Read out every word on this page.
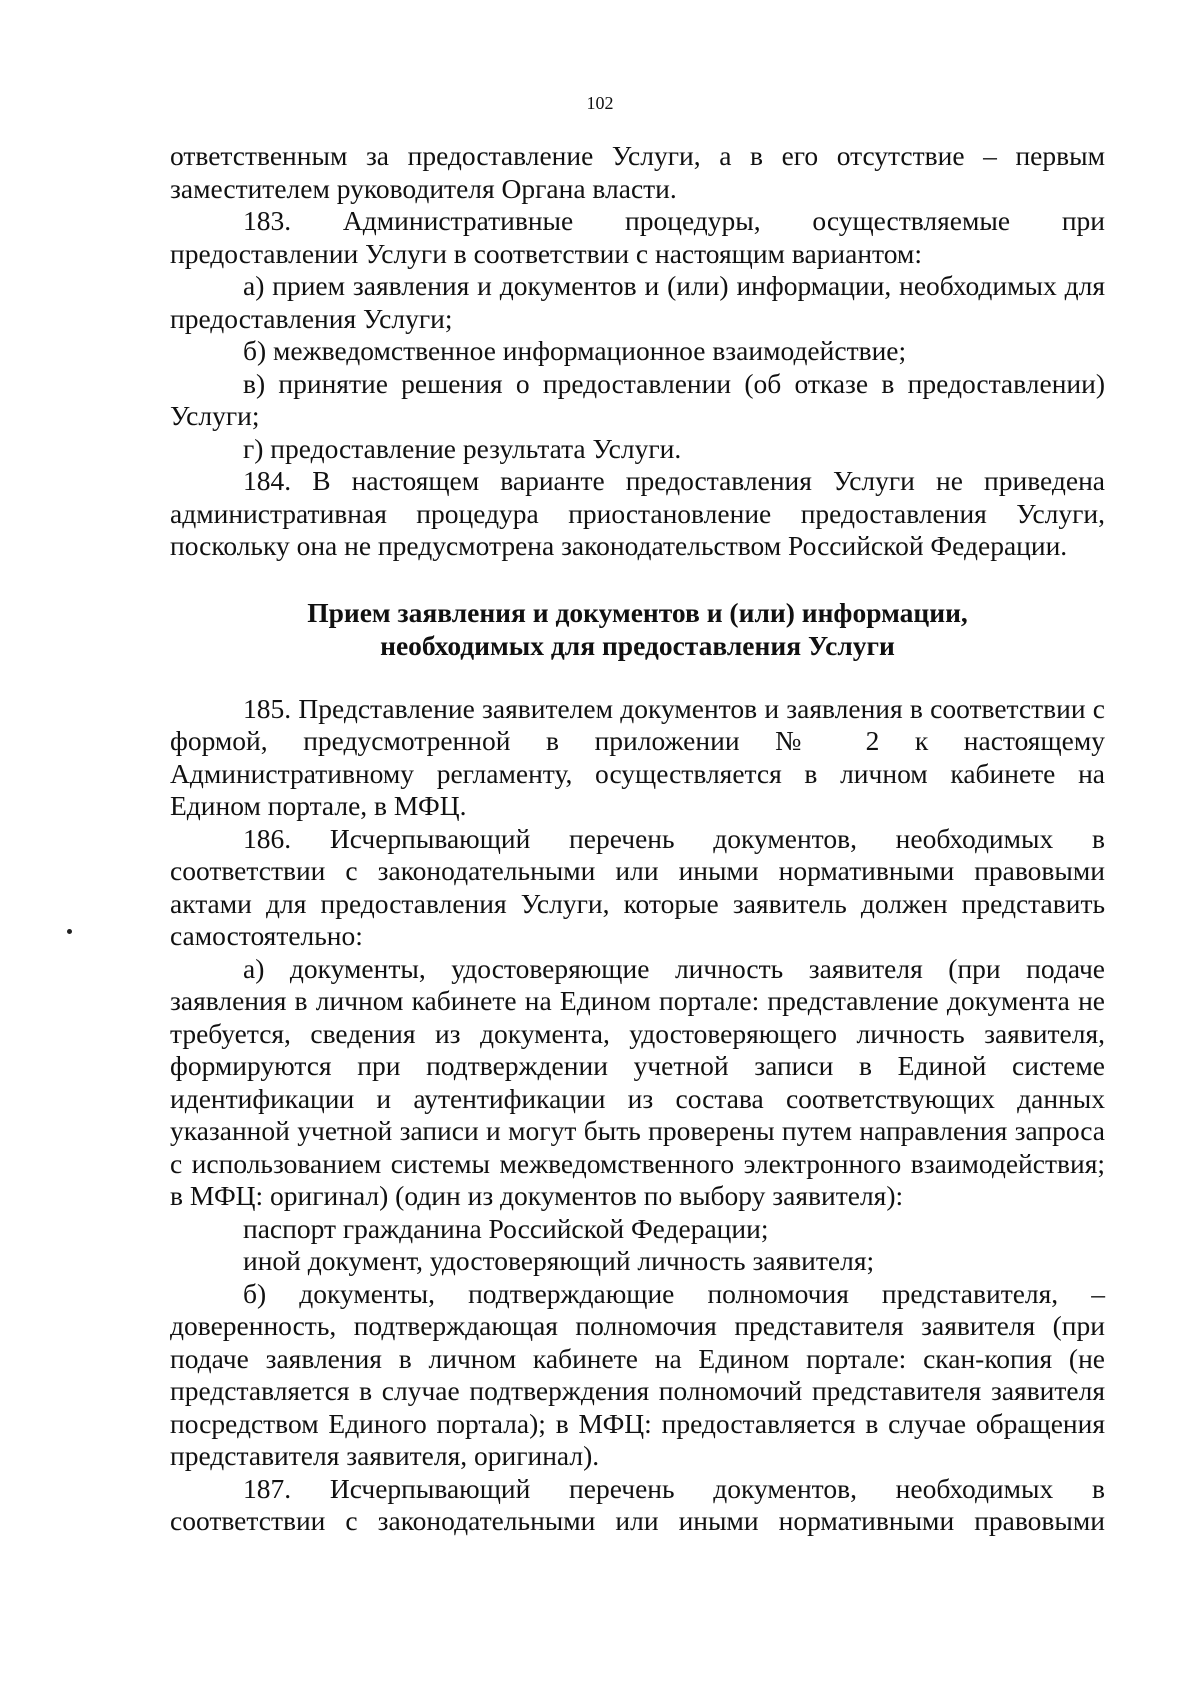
102

ответственным за предоставление Услуги, а в его отсутствие – первым заместителем руководителя Органа власти.

183. Административные процедуры, осуществляемые при предоставлении Услуги в соответствии с настоящим вариантом:

а) прием заявления и документов и (или) информации, необходимых для предоставления Услуги;

б) межведомственное информационное взаимодействие;

в) принятие решения о предоставлении (об отказе в предоставлении) Услуги;

г) предоставление результата Услуги.

184. В настоящем варианте предоставления Услуги не приведена административная процедура приостановление предоставления Услуги, поскольку она не предусмотрена законодательством Российской Федерации.

Прием заявления и документов и (или) информации,
необходимых для предоставления Услуги

185. Представление заявителем документов и заявления в соответствии с формой, предусмотренной в приложении № 2 к настоящему Административному регламенту, осуществляется в личном кабинете на Едином портале, в МФЦ.

186. Исчерпывающий перечень документов, необходимых в соответствии с законодательными или иными нормативными правовыми актами для предоставления Услуги, которые заявитель должен представить самостоятельно:

а) документы, удостоверяющие личность заявителя (при подаче заявления в личном кабинете на Едином портале: представление документа не требуется, сведения из документа, удостоверяющего личность заявителя, формируются при подтверждении учетной записи в Единой системе идентификации и аутентификации из состава соответствующих данных указанной учетной записи и могут быть проверены путем направления запроса с использованием системы межведомственного электронного взаимодействия; в МФЦ: оригинал) (один из документов по выбору заявителя):

паспорт гражданина Российской Федерации;

иной документ, удостоверяющий личность заявителя;

б) документы, подтверждающие полномочия представителя, – доверенность, подтверждающая полномочия представителя заявителя (при подаче заявления в личном кабинете на Едином портале: скан-копия (не представляется в случае подтверждения полномочий представителя заявителя посредством Единого портала); в МФЦ: предоставляется в случае обращения представителя заявителя, оригинал).

187. Исчерпывающий перечень документов, необходимых в соответствии с законодательными или иными нормативными правовыми
